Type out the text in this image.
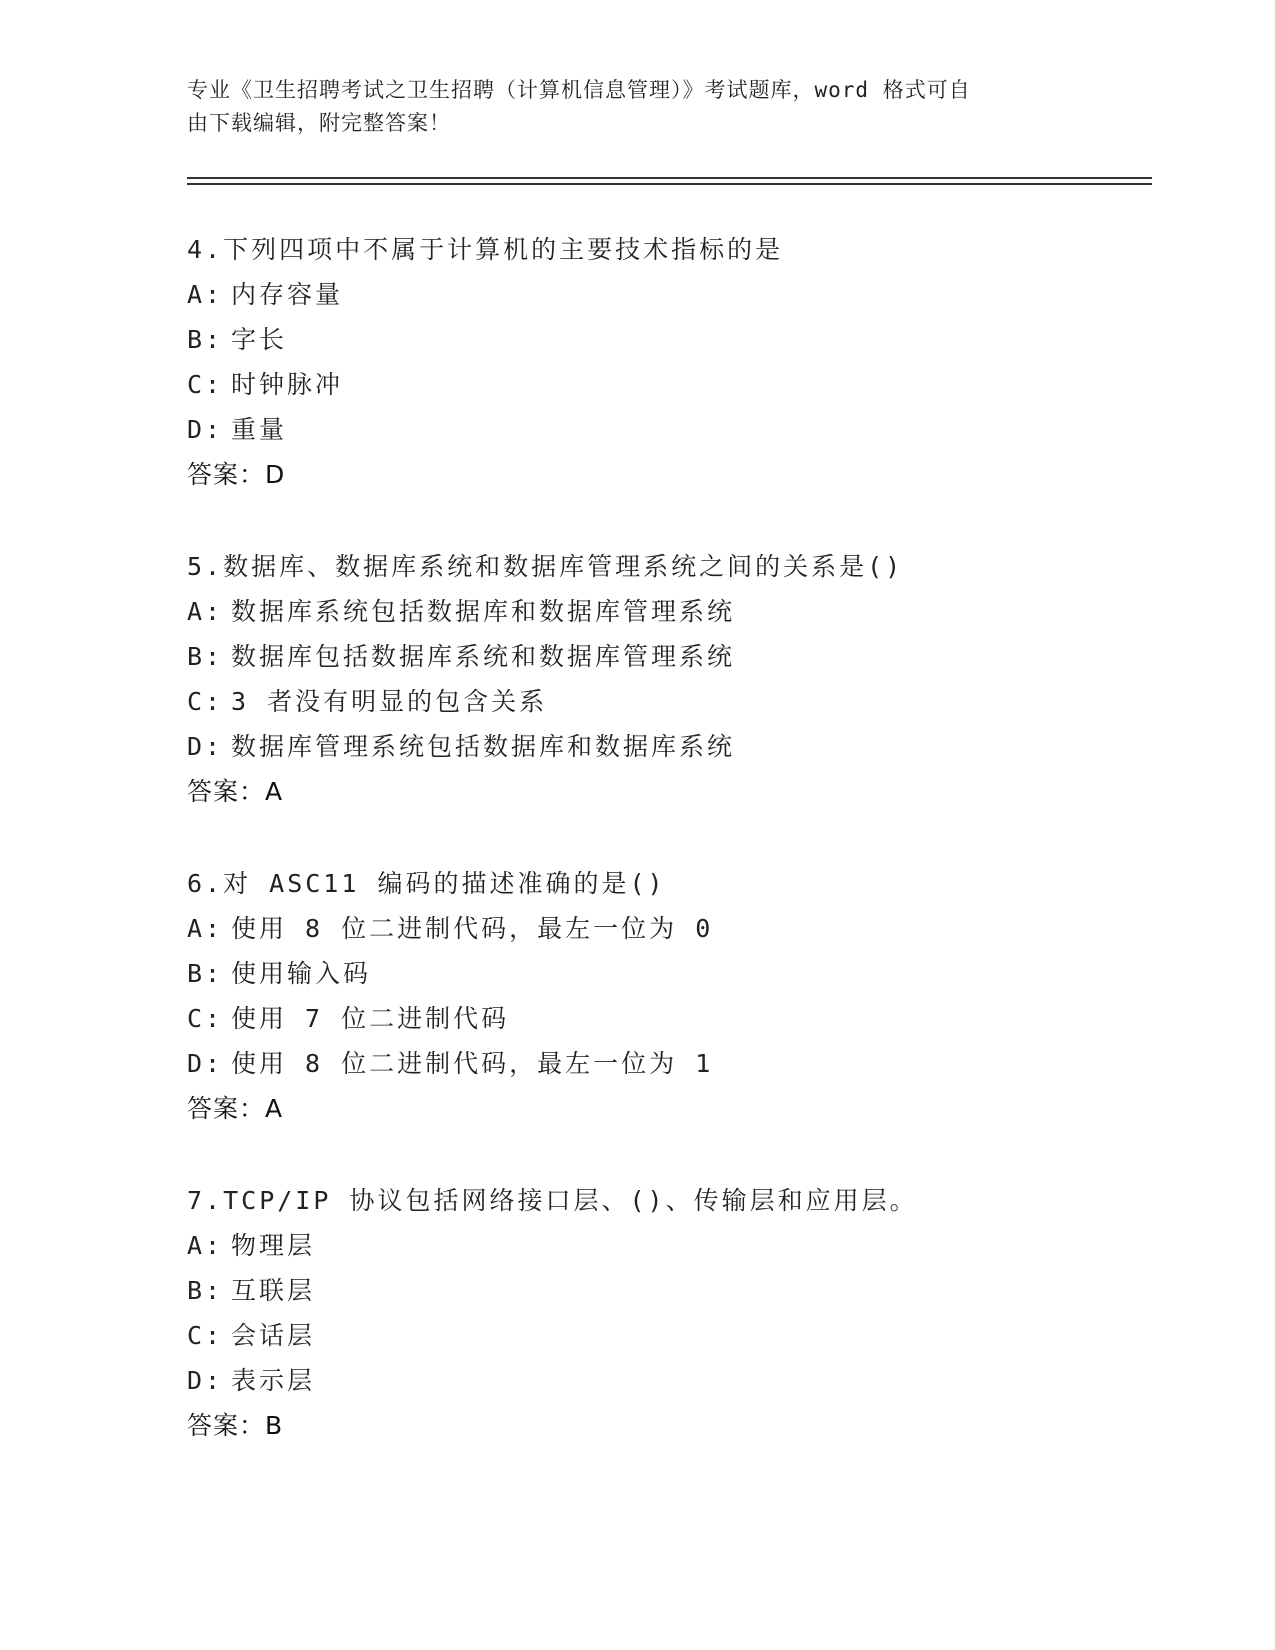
专业《卫生招聘考试之卫生招聘（计算机信息管理）》考试题库，word 格式可自
由下载编辑，附完整答案！
4.下列四项中不属于计算机的主要技术指标的是
A: 内存容量
B: 字长
C: 时钟脉冲
D: 重量
答案：D
5.数据库、数据库系统和数据库管理系统之间的关系是()
A: 数据库系统包括数据库和数据库管理系统
B: 数据库包括数据库系统和数据库管理系统
C: 3 者没有明显的包含关系
D: 数据库管理系统包括数据库和数据库系统
答案：A
6.对 ASC11 编码的描述准确的是()
A: 使用 8 位二进制代码，最左一位为 0
B: 使用输入码
C: 使用 7 位二进制代码
D: 使用 8 位二进制代码，最左一位为 1
答案：A
7.TCP/IP 协议包括网络接口层、()、传输层和应用层。
A: 物理层
B: 互联层
C: 会话层
D: 表示层
答案：B
